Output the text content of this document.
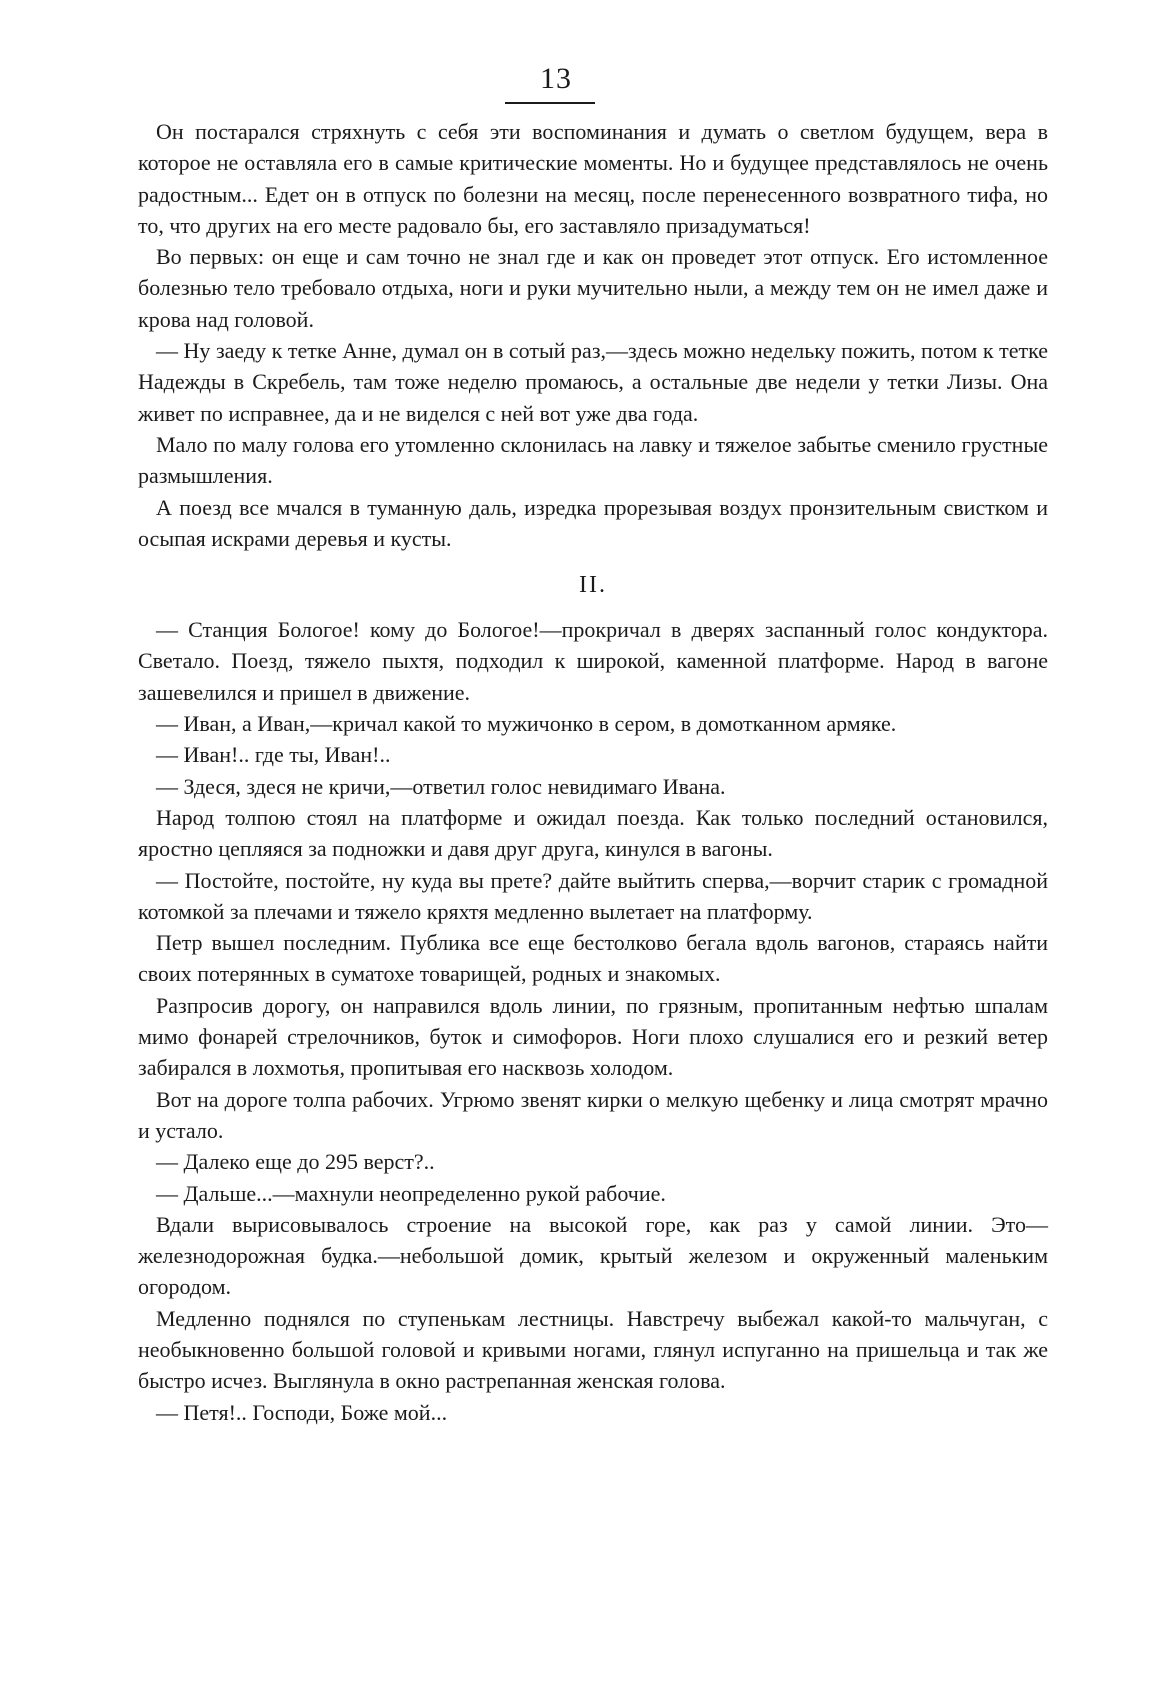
13

Он постарался стряхнуть с себя эти воспоминания и думать о светлом будущем, вера в которое не оставляла его в самые критические моменты. Но и будущее представлялось не очень радостным... Едет он в отпуск по болезни на месяц, после перенесенного возвратного тифа, но то, что других на его месте радовало бы, его заставляло призадуматься!

Во первых: он еще и сам точно не знал где и как он проведет этот отпуск. Его истомленное болезнью тело требовало отдыха, ноги и руки мучительно ныли, а между тем он не имел даже и крова над головой.

— Ну заеду к тетке Анне, думал он в сотый раз,—здесь можно недельку пожить, потом к тетке Надежды в Скребель, там тоже неделю промаюсь, а остальные две недели у тетки Лизы. Она живет по исправнее, да и не виделся с ней вот уже два года.

Мало по малу голова его утомленно склонилась на лавку и тяжелое забытье сменило грустные размышления.

А поезд все мчался в туманную даль, изредка прорезывая воздух пронзительным свистком и осыпая искрами деревья и кусты.

II.

— Станция Бологое! кому до Бологое!—прокричал в дверях заспанный голос кондуктора. Светало. Поезд, тяжело пыхтя, подходил к широкой, каменной платформе. Народ в вагоне зашевелился и пришел в движение.

— Иван, а Иван,—кричал какой то мужичонко в сером, в домотканном армяке.

— Иван!.. где ты, Иван!..

— Здеся, здеся не кричи,—ответил голос невидимаго Ивана.

Народ толпою стоял на платформе и ожидал поезда. Как только последний остановился, яростно цепляяся за подножки и давя друг друга, кинулся в вагоны.

— Постойте, постойте, ну куда вы прете? дайте выйтить сперва,—ворчит старик с громадной котомкой за плечами и тяжело кряхтя медленно вылетает на платформу.

Петр вышел последним. Публика все еще бестолково бегала вдоль вагонов, стараясь найти своих потерянных в суматохе товарищей, родных и знакомых.

Разпросив дорогу, он направился вдоль линии, по грязным, пропитанным нефтью шпалам мимо фонарей стрелочников, буток и симофоров. Ноги плохо слушалися его и резкий ветер забирался в лохмотья, пропитывая его насквозь холодом.

Вот на дороге толпа рабочих. Угрюмо звенят кирки о мелкую щебенку и лица смотрят мрачно и устало.

— Далеко еще до 295 верст?..

— Дальше...—махнули неопределенно рукой рабочие.

Вдали вырисовывалось строение на высокой горе, как раз у самой линии. Это—железнодорожная будка.—небольшой домик, крытый железом и окруженный маленьким огородом.

Медленно поднялся по ступенькам лестницы. Навстречу выбежал какой-то мальчуган, с необыкновенно большой головой и кривыми ногами, глянул испуганно на пришельца и так же быстро исчез. Выглянула в окно растрепанная женская голова.

— Петя!.. Господи, Боже мой...
